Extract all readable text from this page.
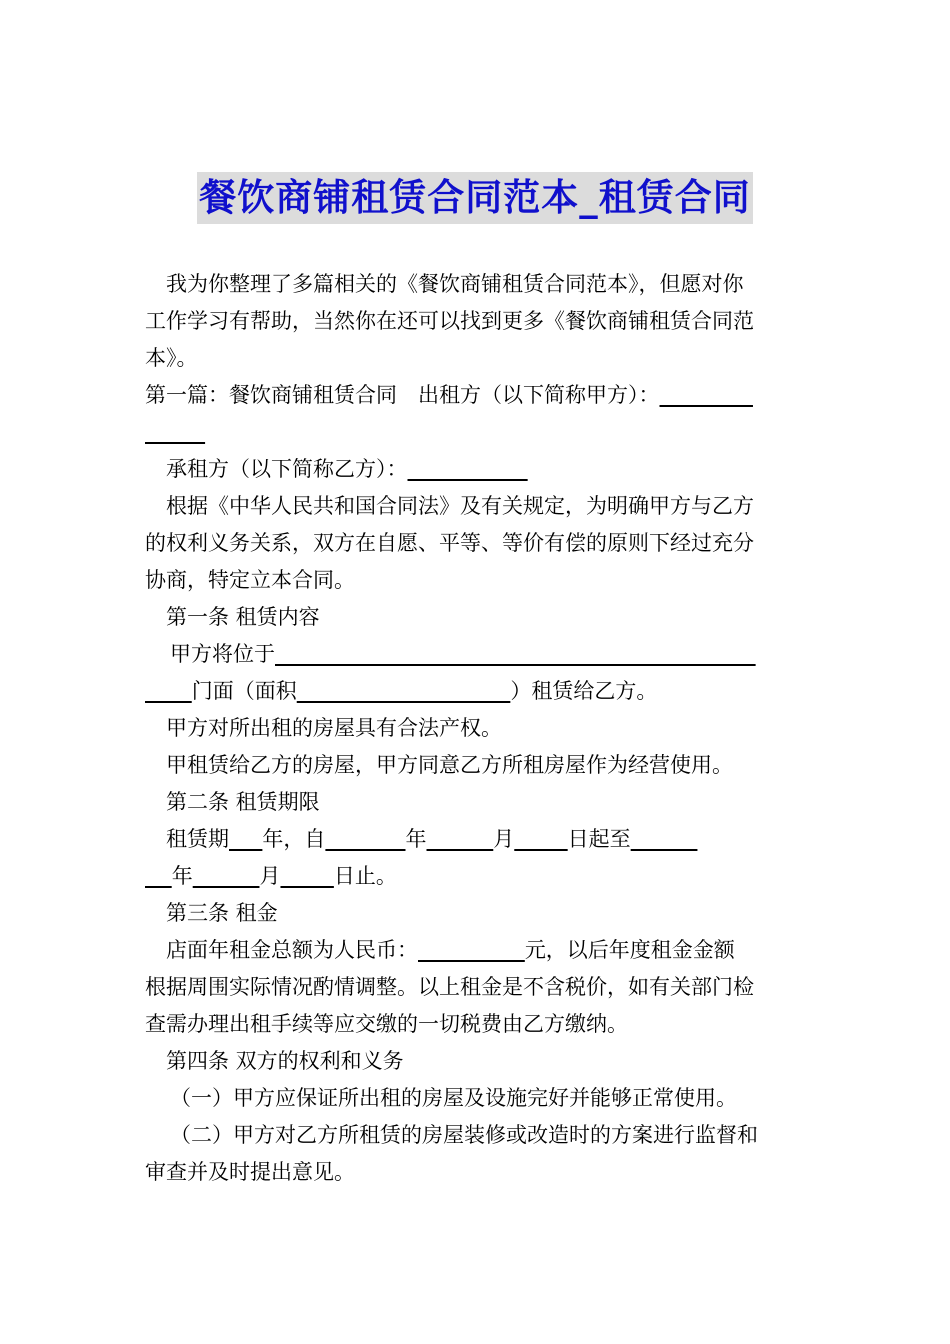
餐饮商铺租赁合同范本_租赁合同
我为你整理了多篇相关的《餐饮商铺租赁合同范本》，但愿对你
工作学习有帮助，当然你在还可以找到更多《餐饮商铺租赁合同范
本》。
第一篇：餐饮商铺租赁合同　出租方（以下简称甲方）：

承租方（以下简称乙方）：
根据《中华人民共和国合同法》及有关规定，为明确甲方与乙方
的权利义务关系，双方在自愿、平等、等价有偿的原则下经过充分
协商，特定立本合同。
第一条 租赁内容
甲方将位于
门面（面积	）租赁给乙方。
甲方对所出租的房屋具有合法产权。
甲租赁给乙方的房屋，甲方同意乙方所租房屋作为经营使用。
第二条 租赁期限
租赁期 年，自	年	月	日起至
年	月	日止。
第三条 租金
店面年租金总额为人民币：	元，以后年度租金金额
根据周围实际情况酌情调整。以上租金是不含税价，如有关部门检
查需办理出租手续等应交缴的一切税费由乙方缴纳。
第四条 双方的权利和义务
（一）甲方应保证所出租的房屋及设施完好并能够正常使用。
（二）甲方对乙方所租赁的房屋装修或改造时的方案进行监督和
审查并及时提出意见。
